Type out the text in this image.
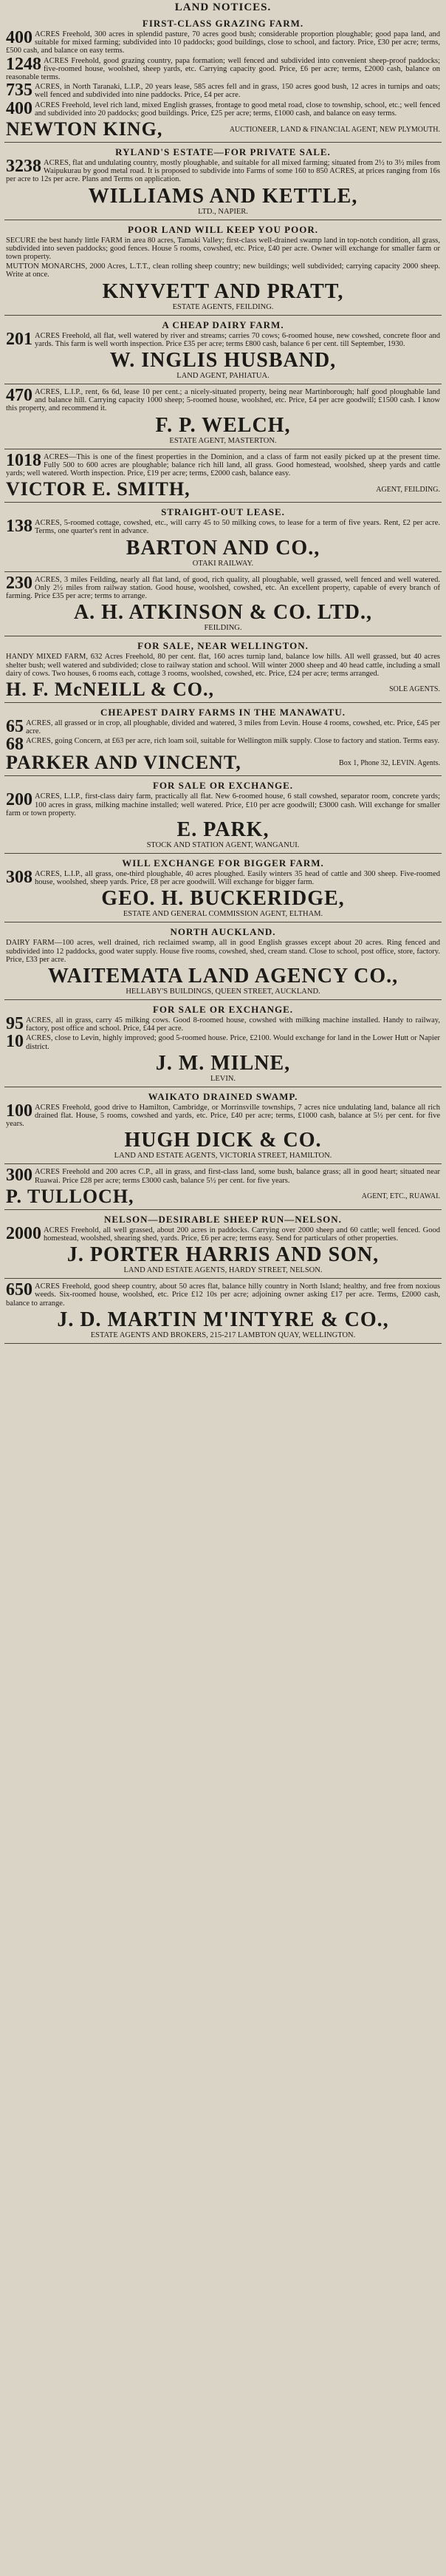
LAND NOTICES.
FIRST-CLASS GRAZING FARM.
400 ACRES Freehold, 300 acres in splendid pasture, 70 acres good bush; considerable proportion ploughable; good papa land, and suitable for mixed farming; subdivided into 10 paddocks; good buildings, close to school, and factory. Price, £30 per acre; terms, £500 cash, and balance on easy terms.
1248 ACRES Freehold, good grazing country, papa formation; well fenced and subdivided into convenient sheep-proof paddocks; five-roomed house, woolshed, sheep yards, etc. Carrying capacity good. Price, £6 per acre; terms, £2000 cash, balance on reasonable terms.
735 ACRES, in North Taranaki, L.I.P., 20 years lease, 585 acres fell and in grass, 150 acres good bush, 12 acres in turnips and oats; well fenced and subdivided into nine paddocks. Price, £4 per acre.
400 ACRES Freehold, level rich land, mixed English grasses, frontage to good metal road, close to township, school, etc.; well fenced and subdivided into 20 paddocks; good buildings. Price, £25 per acre; terms, £1000 cash, and balance on easy terms.
NEWTON KING,	AUCTIONEER, LAND & FINANCIAL AGENT, NEW PLYMOUTH.
RYLAND'S ESTATE—FOR PRIVATE SALE.
3238 ACRES, flat and undulating country, mostly ploughable, and suitable for all mixed farming; situated from 2½ to 3½ miles from Waipukurau by good metal road. It is proposed to subdivide into Farms of some 160 to 850 ACRES, at prices ranging from 16s per acre to 12s per acre. Plans and Terms on application.
WILLIAMS AND KETTLE,
LTD., NAPIER.
POOR LAND WILL KEEP YOU POOR.
SECURE the best handy little FARM in area 80 acres, Tamaki Valley; first-class well-drained swamp land in top-notch condition, all grass, subdivided into seven paddocks; good fences. House 5 rooms, cowshed, etc. Price, £40 per acre. Owner will exchange for smaller farm or town property.
MUTTON MONARCHS, 2000 Acres, L.T.T., clean rolling sheep country; new buildings; well subdivided; carrying capacity 2000 sheep. Write at once.
KNYVETT AND PRATT,
ESTATE AGENTS, FEILDING.
A CHEAP DAIRY FARM.
201 ACRES Freehold, all flat, well watered by river and streams; carries 70 cows; 6-roomed house, new cowshed, concrete floor and yards. This farm is well worth inspection. Price £35 per acre; terms £800 cash, balance 6 per cent. till September, 1930.
W. INGLIS HUSBAND,
LAND AGENT, PAHIATUA.
470 ACRES, L.I.P., rent, 6s 6d, lease 10 per cent.; a nicely-situated property, being near Martinborough; half good ploughable land and balance hill. Carrying capacity 1000 sheep; 5-roomed house, woolshed, etc. Price, £4 per acre goodwill; £1500 cash. I know this property, and recommend it.
F. P. WELCH,
ESTATE AGENT, MASTERTON.
1018 ACRES—This is one of the finest properties in the Dominion, and a class of farm not easily picked up at the present time. Fully 500 to 600 acres are ploughable; balance rich hill land, all grass. Good homestead, woolshed, sheep yards and cattle yards; well watered. Worth inspection. Price, £19 per acre; terms, £2000 cash, balance easy.
VICTOR E. SMITH,	AGENT, FEILDING.
STRAIGHT-OUT LEASE.
138 ACRES, 5-roomed cottage, cowshed, etc., will carry 45 to 50 milking cows, to lease for a term of five years. Rent, £2 per acre. Terms, one quarter's rent in advance.
BARTON AND CO.,
OTAKI RAILWAY.
230 ACRES, 3 miles Feilding, nearly all flat land, of good, rich quality, all ploughable, well grassed, well fenced and well watered. Only 2½ miles from railway station. Good house, woolshed, cowshed, etc. An excellent property, capable of every branch of farming. Price £35 per acre; terms to arrange.
A. H. ATKINSON & CO. LTD.,
FEILDING.
FOR SALE, NEAR WELLINGTON.
HANDY MIXED FARM, 632 Acres Freehold, 80 per cent. flat, 160 acres turnip land, balance low hills. All well grassed, but 40 acres shelter bush; well watered and subdivided; close to railway station and school. Will winter 2000 sheep and 40 head cattle, including a small dairy of cows. Two houses, 6 rooms each, cottage 3 rooms, woolshed, cowshed, etc. Price, £24 per acre; terms arranged.
H. F. McNEILL & CO.,	SOLE AGENTS.
CHEAPEST DAIRY FARMS IN THE MANAWATU.
65 ACRES, all grassed or in crop, all ploughable, divided and watered, 3 miles from Levin. House 4 rooms, cowshed, etc. Price, £45 per acre.
68 ACRES, going Concern, at £63 per acre, rich loam soil, suitable for Wellington milk supply. Close to factory and station. Terms easy.
PARKER AND VINCENT,	Box 1, Phone 32, LEVIN. Agents.
FOR SALE OR EXCHANGE.
200 ACRES, L.I.P., first-class dairy farm, practically all flat. New 6-roomed house, 6 stall cowshed, separator room, concrete yards; 100 acres in grass, milking machine installed; well watered. Price, £10 per acre goodwill; £3000 cash. Will exchange for smaller farm or town property.
E. PARK,
STOCK AND STATION AGENT, WANGANUI.
WILL EXCHANGE FOR BIGGER FARM.
308 ACRES, L.I.P., all grass, one-third ploughable, 40 acres ploughed. Easily winters 35 head of cattle and 300 sheep. Five-roomed house, woolshed, sheep yards. Price, £8 per acre goodwill. Will exchange for bigger farm.
GEO. H. BUCKERIDGE,
ESTATE AND GENERAL COMMISSION AGENT, ELTHAM.
NORTH AUCKLAND.
DAIRY FARM—100 acres, well drained, rich reclaimed swamp, all in good English grasses except about 20 acres. Ring fenced and subdivided into 12 paddocks, good water supply. House five rooms, cowshed, shed, cream stand. Close to school, post office, store, factory. Price, £33 per acre.
WAITEMATA LAND AGENCY CO.,
HELLABY'S BUILDINGS, QUEEN STREET, AUCKLAND.
FOR SALE OR EXCHANGE.
95 ACRES, all in grass, carry 45 milking cows. Good 8-roomed house, cowshed with milking machine installed. Handy to railway, factory, post office and school. Price, £44 per acre.
10 ACRES, close to Levin, highly improved; good 5-roomed house. Price, £2100. Would exchange for land in the Lower Hutt or Napier district.
J. M. MILNE,
LEVIN.
WAIKATO DRAINED SWAMP.
100 ACRES Freehold, good drive to Hamilton, Cambridge, or Morrinsville townships, 7 acres nice undulating land, balance all rich drained flat. House, 5 rooms, cowshed and yards, etc. Price, £40 per acre; terms, £1000 cash, balance at 5½ per cent. for five years.
HUGH DICK & CO.
LAND AND ESTATE AGENTS, VICTORIA STREET, HAMILTON.
300 ACRES Freehold and 200 acres C.P., all in grass, and first-class land, some bush, balance grass; all in good heart; situated near Ruawai. Price £28 per acre; terms £3000 cash, balance 5½ per cent. for five years.
P. TULLOCH,	AGENT, ETC., RUAWAI.
NELSON—DESIRABLE SHEEP RUN—NELSON.
2000 ACRES Freehold, all well grassed, about 200 acres in paddocks. Carrying over 2000 sheep and 60 cattle; well fenced. Good homestead, woolshed, shearing shed, yards. Price, £6 per acre; terms easy. Send for particulars of other properties.
J. PORTER HARRIS AND SON,
LAND AND ESTATE AGENTS, HARDY STREET, NELSON.
650 ACRES Freehold, good sheep country, about 50 acres flat, balance hilly country in North Island; healthy, and free from noxious weeds. Six-roomed house, woolshed, etc. Price £12 10s per acre; adjoining owner asking £17 per acre. Terms, £2000 cash, balance to arrange.
J. D. MARTIN M'INTYRE & CO.,
ESTATE AGENTS AND BROKERS, 215-217 LAMBTON QUAY, WELLINGTON.
